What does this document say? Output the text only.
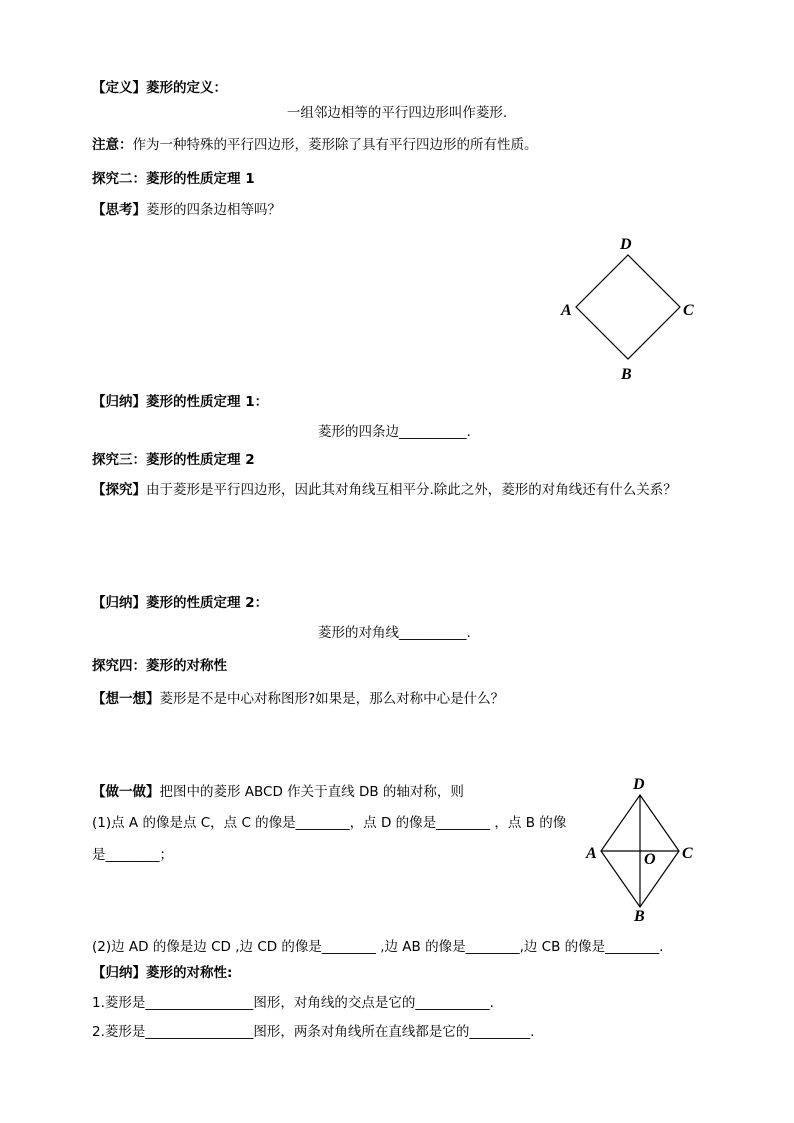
【定义】菱形的定义：
一组邻边相等的平行四边形叫作菱形.
注意：作为一种特殊的平行四边形，菱形除了具有平行四边形的所有性质。
探究二：菱形的性质定理 1
【思考】菱形的四条边相等吗？
D
A	C
B
【归纳】菱形的性质定理 1：
菱形的四条边__________.
探究三：菱形的性质定理 2
【探究】由于菱形是平行四边形，因此其对角线互相平分.除此之外，菱形的对角线还有什么关系？
【归纳】菱形的性质定理 2：
菱形的对角线__________.
探究四：菱形的对称性
【想一想】菱形是不是中心对称图形?如果是，那么对称中心是什么？
【做一做】把图中的菱形 ABCD 作关于直线 DB 的轴对称，则
(1)点 A 的像是点 C，点 C 的像是________，点 D 的像是________ ，点 B 的像
是________；
D
A	C
B
O
(2)边 AD 的像是边 CD ,边 CD 的像是________ ,边 AB 的像是________,边 CB 的像是________.
【归纳】菱形的对称性:
1.菱形是________________图形，对角线的交点是它的___________.
2.菱形是________________图形，两条对角线所在直线都是它的_________.
